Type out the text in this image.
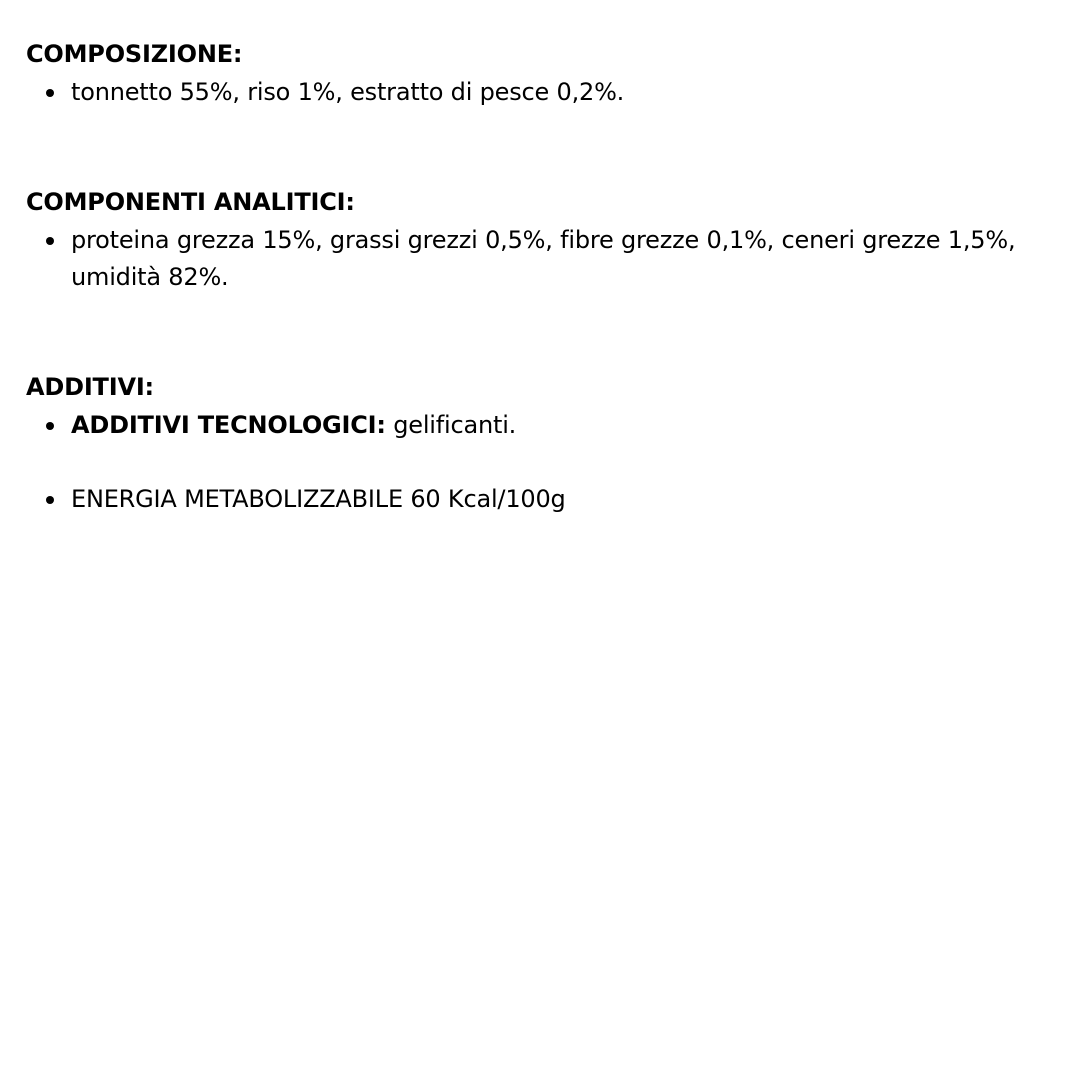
COMPOSIZIONE:

tonnetto 55%, riso 1%, estratto di pesce 0,2%.

COMPONENTI ANALITICI:

proteina grezza 15%, grassi grezzi 0,5%, fibre grezze 0,1%, ceneri grezze 1,5%, umidità 82%.

ADDITIVI:

ADDITIVI TECNOLOGICI: gelificanti.

ENERGIA METABOLIZZABILE 60 Kcal/100g
